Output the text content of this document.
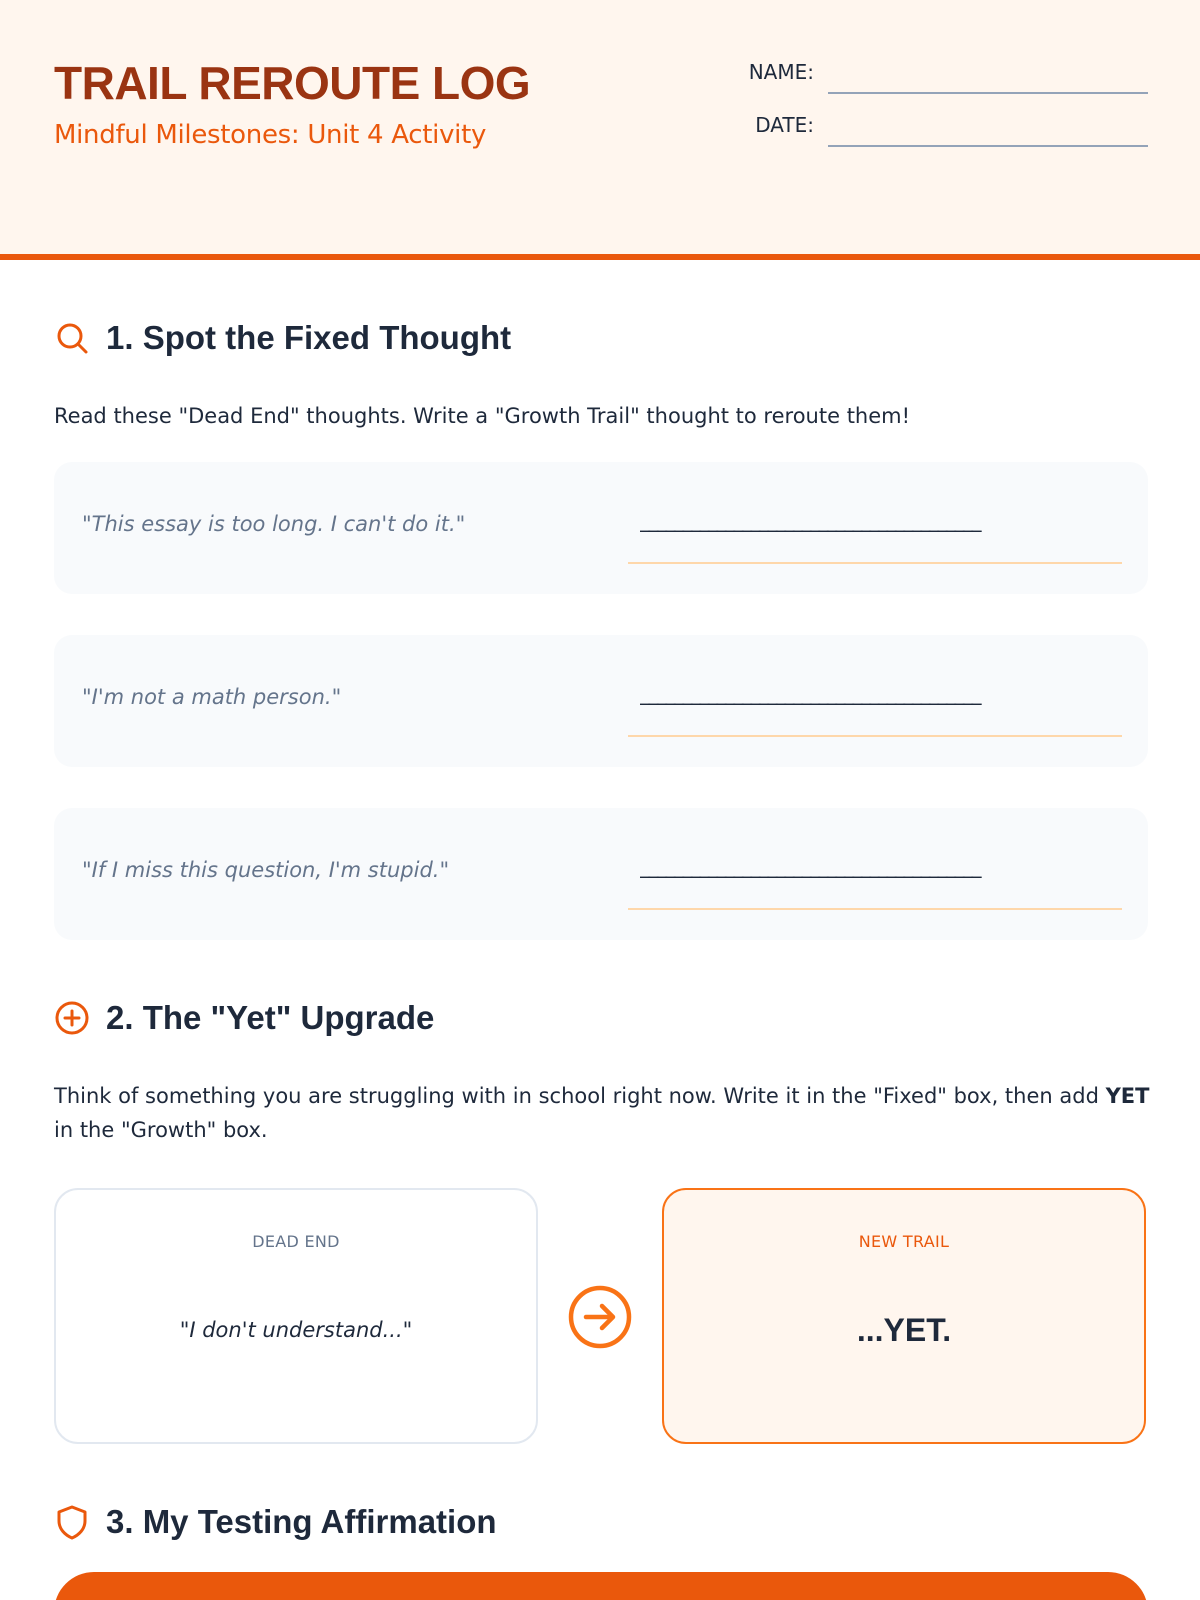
TRAIL REROUTE LOG
Mindful Milestones: Unit 4 Activity
NAME:
DATE:
1. Spot the Fixed Thought
Read these "Dead End" thoughts. Write a "Growth Trail" thought to reroute them!
"This essay is too long. I can't do it."	________________________________________
"I'm not a math person."	________________________________________
"If I miss this question, I'm stupid."	________________________________________
2. The "Yet" Upgrade
Think of something you are struggling with in school right now. Write it in the "Fixed" box, then add YET in the "Growth" box.
DEAD END
"I don't understand..."
NEW TRAIL
...YET.
3. My Testing Affirmation
